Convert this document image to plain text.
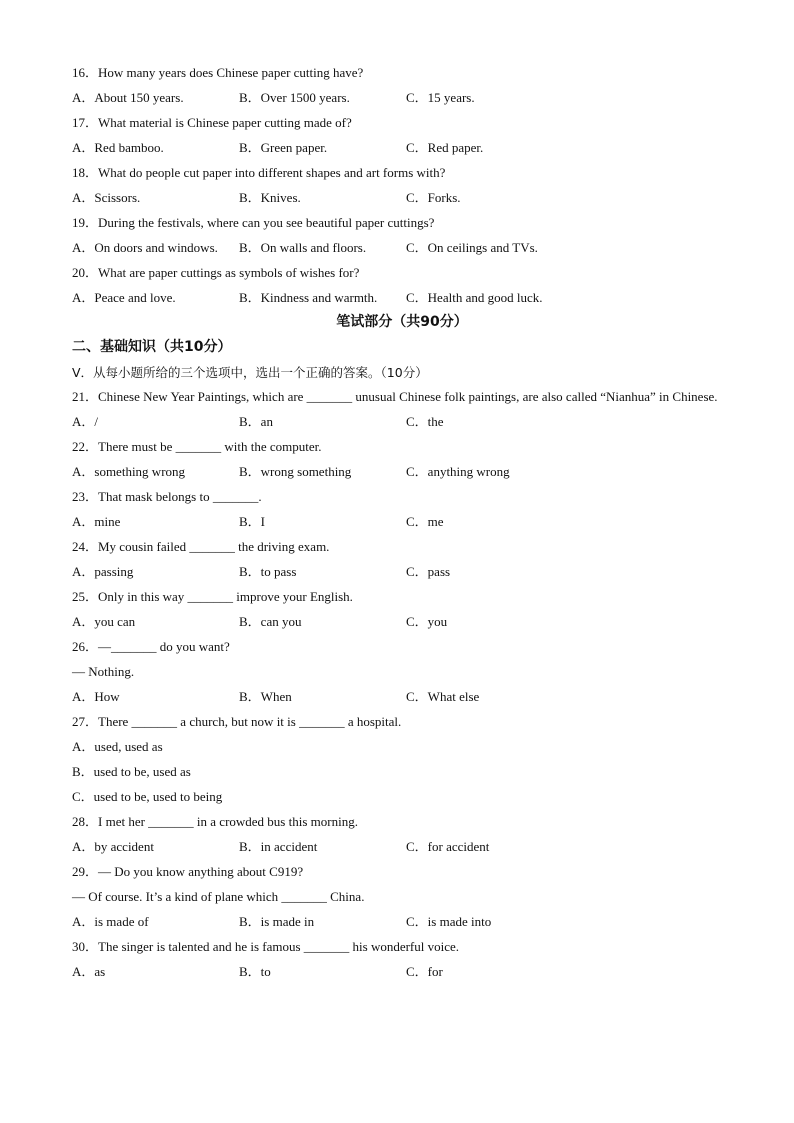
16．How many years does Chinese paper cutting have?
A．About 150 years.	B．Over 1500 years.	C．15 years.
17．What material is Chinese paper cutting made of?
A．Red bamboo.	B．Green paper.	C．Red paper.
18．What do people cut paper into different shapes and art forms with?
A．Scissors.	B．Knives.	C．Forks.
19．During the festivals, where can you see beautiful paper cuttings?
A．On doors and windows. B．On walls and floors.	C．On ceilings and TVs.
20．What are paper cuttings as symbols of wishes for?
A．Peace and love.	B．Kindness and warmth. C．Health and good luck.
笔试部分（共90分）
二、基础知识（共10分）
Ⅴ．从每小题所给的三个选项中，选出一个正确的答案。（10分）
21．Chinese New Year Paintings, which are _______ unusual Chinese folk paintings, are also called “Nianhua” in Chinese.
A．/	B．an	C．the
22．There must be _______ with the computer.
A．something wrong	B．wrong something	C．anything wrong
23．That mask belongs to _______.
A．mine	B．I	C．me
24．My cousin failed _______ the driving exam.
A．passing	B．to pass	C．pass
25．Only in this way _______ improve your English.
A．you can	B．can you	C．you
26．—_______ do you want?
— Nothing.
A．How	B．When	C．What else
27．There _______ a church, but now it is _______ a hospital.
A．used, used as
B．used to be, used as
C．used to be, used to being
28．I met her _______ in a crowded bus this morning.
A．by accident	B．in accident	C．for accident
29．— Do you know anything about C919?
— Of course. It’s a kind of plane which _______ China.
A．is made of	B．is made in	C．is made into
30．The singer is talented and he is famous _______ his wonderful voice.
A．as	B．to	C．for
